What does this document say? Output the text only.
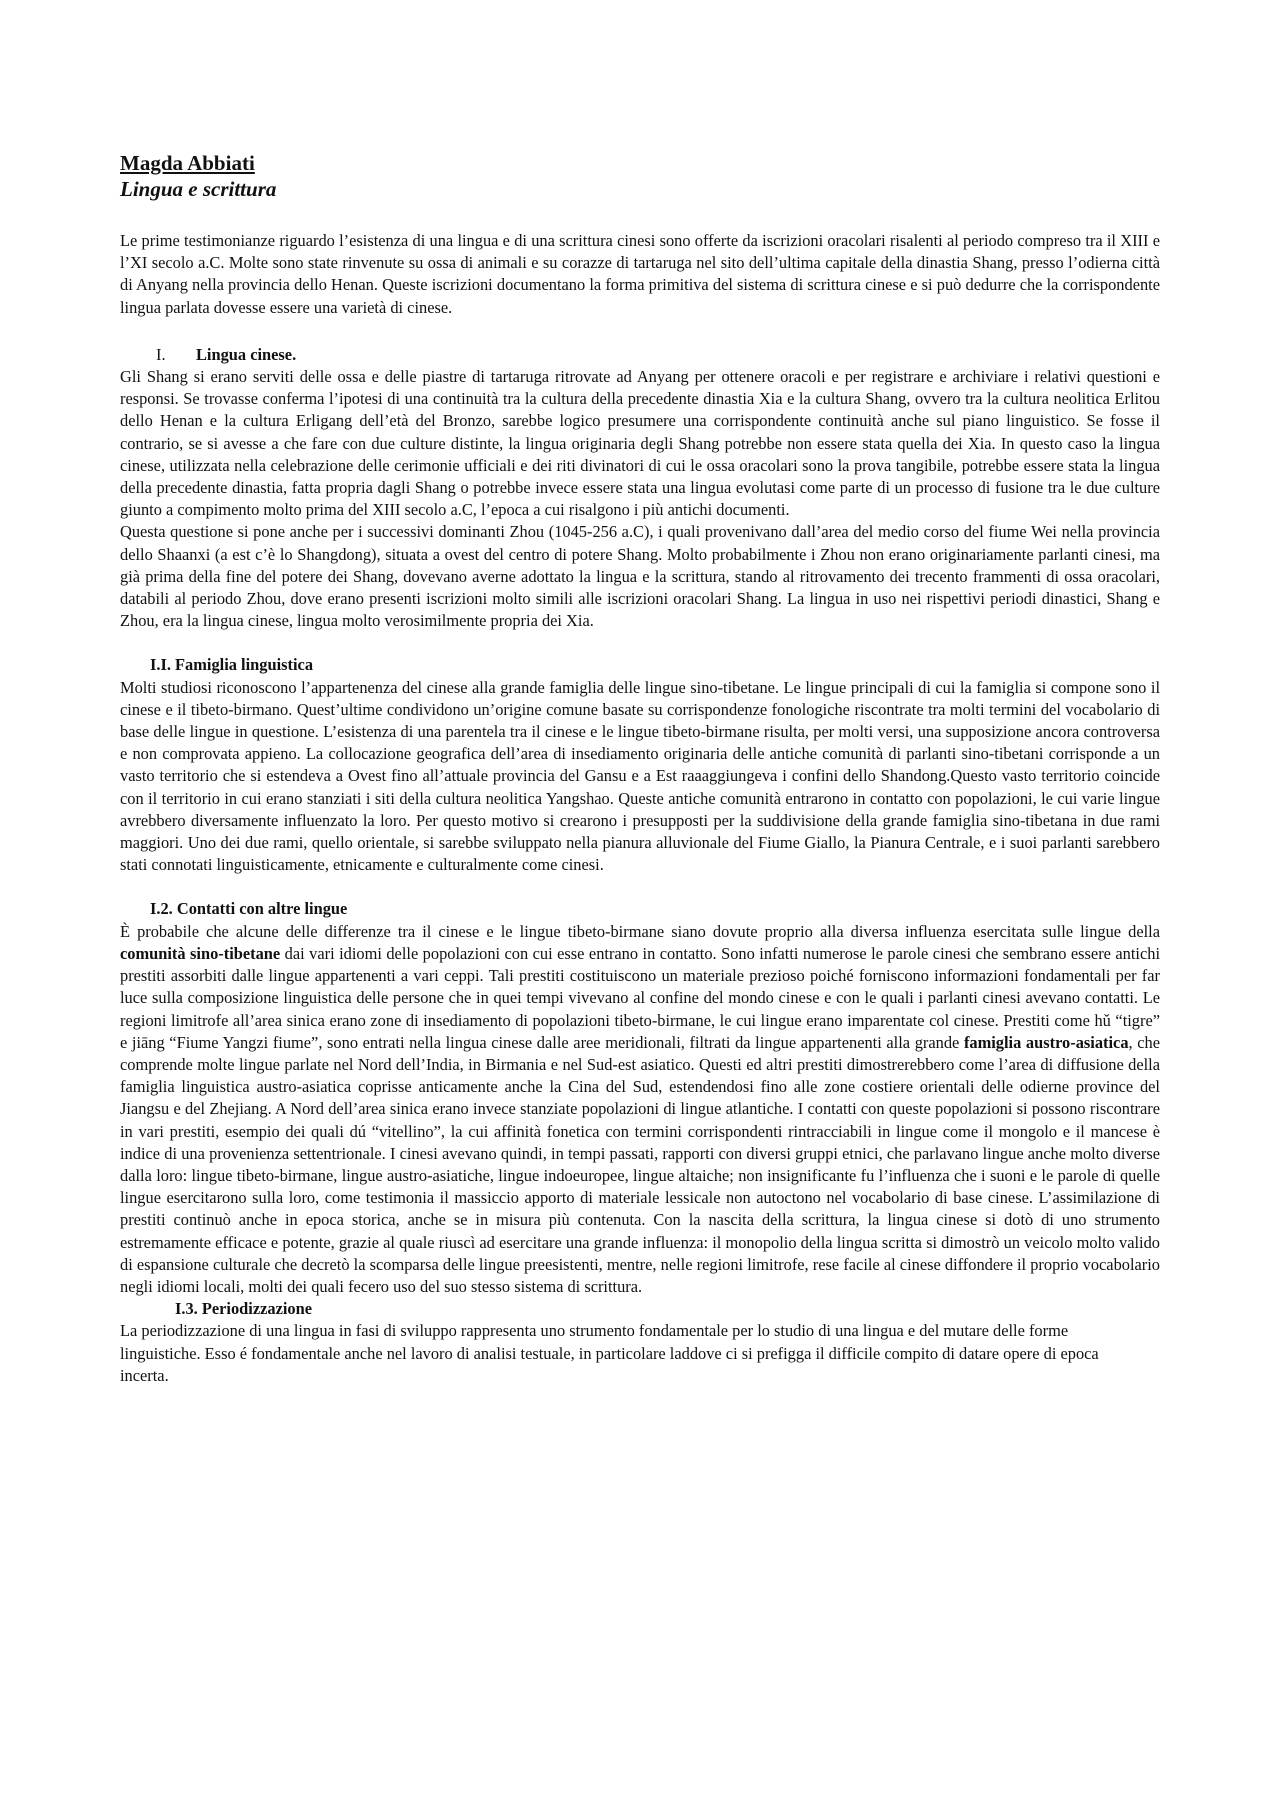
Magda Abbiati
Lingua e scrittura

Le prime testimonianze riguardo l’esistenza di una lingua e di una scrittura cinesi sono offerte da iscrizioni oracolari risalenti al periodo compreso tra il XIII e l’XI secolo a.C. Molte sono state rinvenute su ossa di animali e su corazze di tartaruga nel sito dell’ultima capitale della dinastia Shang, presso l’odierna città di Anyang nella provincia dello Henan. Queste iscrizioni documentano la forma primitiva del sistema di scrittura cinese e si può dedurre che la corrispondente lingua parlata dovesse essere una varietà di cinese.

I. Lingua cinese.

Gli Shang si erano serviti delle ossa e delle piastre di tartaruga ritrovate ad Anyang per ottenere oracoli e per registrare e archiviare i relativi questioni e responsi. Se trovasse conferma l’ipotesi di una continuità tra la cultura della precedente dinastia Xia e la cultura Shang, ovvero tra la cultura neolitica Erlitou dello Henan e la cultura Erligang dell’età del Bronzo, sarebbe logico presumere una corrispondente continuità anche sul piano linguistico. Se fosse il contrario, se si avesse a che fare con due culture distinte, la lingua originaria degli Shang potrebbe non essere stata quella dei Xia. In questo caso la lingua cinese, utilizzata nella celebrazione delle cerimonie ufficiali e dei riti divinatori di cui le ossa oracolari sono la prova tangibile, potrebbe essere stata la lingua della precedente dinastia, fatta propria dagli Shang o potrebbe invece essere stata una lingua evolutasi come parte di un processo di fusione tra le due culture giunto a compimento molto prima del XIII secolo a.C, l’epoca a cui risalgono i più antichi documenti.

Questa questione si pone anche per i successivi dominanti Zhou (1045-256 a.C), i quali provenivano dall’area del medio corso del fiume Wei nella provincia dello Shaanxi (a est c’è lo Shangdong), situata a ovest del centro di potere Shang. Molto probabilmente i Zhou non erano originariamente parlanti cinesi, ma già prima della fine del potere dei Shang, dovevano averne adottato la lingua e la scrittura, stando al ritrovamento dei trecento frammenti di ossa oracolari, databili al periodo Zhou, dove erano presenti iscrizioni molto simili alle iscrizioni oracolari Shang. La lingua in uso nei rispettivi periodi dinastici, Shang e Zhou, era la lingua cinese, lingua molto verosimilmente propria dei Xia.

I.I. Famiglia linguistica

Molti studiosi riconoscono l’appartenenza del cinese alla grande famiglia delle lingue sino-tibetane. Le lingue principali di cui la famiglia si compone sono il cinese e il tibeto-birmano. Quest’ultime condividono un’origine comune basate su corrispondenze fonologiche riscontrate tra molti termini del vocabolario di base delle lingue in questione. L’esistenza di una parentela tra il cinese e le lingue tibeto-birmane risulta, per molti versi, una supposizione ancora controversa e non comprovata appieno. La collocazione geografica dell’area di insediamento originaria delle antiche comunità di parlanti sino-tibetani corrisponde a un vasto territorio che si estendeva a Ovest fino all’attuale provincia del Gansu e a Est raaaggiungeva i confini dello Shandong.Questo vasto territorio coincide con il territorio in cui erano stanziati i siti della cultura neolitica Yangshao. Queste antiche comunità entrarono in contatto con popolazioni, le cui varie lingue avrebbero diversamente influenzato la loro. Per questo motivo si crearono i presupposti per la suddivisione della grande famiglia sino-tibetana in due rami maggiori. Uno dei due rami, quello orientale, si sarebbe sviluppato nella pianura alluvionale del Fiume Giallo, la Pianura Centrale, e i suoi parlanti sarebbero stati connotati linguisticamente, etnicamente e culturalmente come cinesi.

I.2. Contatti con altre lingue

È probabile che alcune delle differenze tra il cinese e le lingue tibeto-birmane siano dovute proprio alla diversa influenza esercitata sulle lingue della comunità sino-tibetane dai vari idiomi delle popolazioni con cui esse entrano in contatto. Sono infatti numerose le parole cinesi che sembrano essere antichi prestiti assorbiti dalle lingue appartenenti a vari ceppi. Tali prestiti costituiscono un materiale prezioso poiché forniscono informazioni fondamentali per far luce sulla composizione linguistica delle persone che in quei tempi vivevano al confine del mondo cinese e con le quali i parlanti cinesi avevano contatti. Le regioni limitrofe all’area sinica erano zone di insediamento di popolazioni tibeto-birmane, le cui lingue erano imparentate col cinese. Prestiti come hǔ “tigre” e jiāng “Fiume Yangzi fiume”, sono entrati nella lingua cinese dalle aree meridionali, filtrati da lingue appartenenti alla grande famiglia austro-asiatica, che comprende molte lingue parlate nel Nord dell’India, in Birmania e nel Sud-est asiatico. Questi ed altri prestiti dimostrerebbero come l’area di diffusione della famiglia linguistica austro-asiatica coprisse anticamente anche la Cina del Sud, estendendosi fino alle zone costiere orientali delle odierne province del Jiangsu e del Zhejiang. A Nord dell’area sinica erano invece stanziate popolazioni di lingue atlantiche. I contatti con queste popolazioni si possono riscontrare in vari prestiti, esempio dei quali dú “vitellino”, la cui affinità fonetica con termini corrispondenti rintracciabili in lingue come il mongolo e il mancese è indice di una provenienza settentrionale. I cinesi avevano quindi, in tempi passati, rapporti con diversi gruppi etnici, che parlavano lingue anche molto diverse dalla loro: lingue tibeto-birmane, lingue austro-asiatiche, lingue indoeuropee, lingue altaiche; non insignificante fu l’influenza che i suoni e le parole di quelle lingue esercitarono sulla loro, come testimonia il massiccio apporto di materiale lessicale non autoctono nel vocabolario di base cinese. L’assimilazione di prestiti continuò anche in epoca storica, anche se in misura più contenuta. Con la nascita della scrittura, la lingua cinese si dotò di uno strumento estremamente efficace e potente, grazie al quale riuscì ad esercitare una grande influenza: il monopolio della lingua scritta si dimostrò un veicolo molto valido di espansione culturale che decretò la scomparsa delle lingue preesistenti, mentre, nelle regioni limitrofe, rese facile al cinese diffondere il proprio vocabolario negli idiomi locali, molti dei quali fecero uso del suo stesso sistema di scrittura.

I.3. Periodizzazione

La periodizzazione di una lingua in fasi di sviluppo rappresenta uno strumento fondamentale per lo studio di una lingua e del mutare delle forme linguistiche. Esso é fondamentale anche nel lavoro di analisi testuale, in particolare laddove ci si prefigga il difficile compito di datare opere di epoca incerta.
